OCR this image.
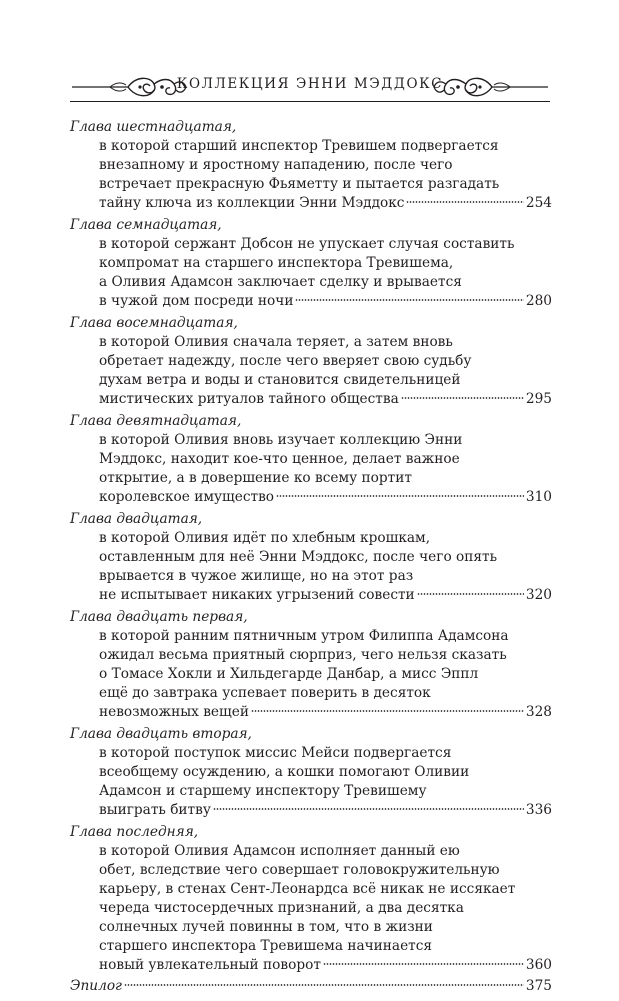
КОЛЛЕКЦИЯ ЭННИ МЭДДОКС
Глава шестнадцатая,
в которой старший инспектор Тревишем подвергается
внезапному и яростному нападению, после чего
встречает прекрасную Фьяметту и пытается разгадать
тайну ключа из коллекции Энни Мэддокс	254
Глава семнадцатая,
в которой сержант Добсон не упускает случая составить
компромат на старшего инспектора Тревишема,
а Оливия Адамсон заключает сделку и врывается
в чужой дом посреди ночи	280
Глава восемнадцатая,
в которой Оливия сначала теряет, а затем вновь
обретает надежду, после чего вверяет свою судьбу
духам ветра и воды и становится свидетельницей
мистических ритуалов тайного общества	295
Глава девятнадцатая,
в которой Оливия вновь изучает коллекцию Энни
Мэддокс, находит кое-что ценное, делает важное
открытие, а в довершение ко всему портит
королевское имущество	310
Глава двадцатая,
в которой Оливия идёт по хлебным крошкам,
оставленным для неё Энни Мэддокс, после чего опять
врывается в чужое жилище, но на этот раз
не испытывает никаких угрызений совести	320
Глава двадцать первая,
в которой ранним пятничным утром Филиппа Адамсона
ожидал весьма приятный сюрприз, чего нельзя сказать
о Томасе Хокли и Хильдегарде Данбар, а мисс Эппл
ещё до завтрака успевает поверить в десяток
невозможных вещей	328
Глава двадцать вторая,
в которой поступок миссис Мейси подвергается
всеобщему осуждению, а кошки помогают Оливии
Адамсон и старшему инспектору Тревишему
выиграть битву	336
Глава последняя,
в которой Оливия Адамсон исполняет данный ею
обет, вследствие чего совершает головокружительную
карьеру, в стенах Сент-Леонардса всё никак не иссякает
череда чистосердечных признаний, а два десятка
солнечных лучей повинны в том, что в жизни
старшего инспектора Тревишема начинается
новый увлекательный поворот	360
Эпилог	375
